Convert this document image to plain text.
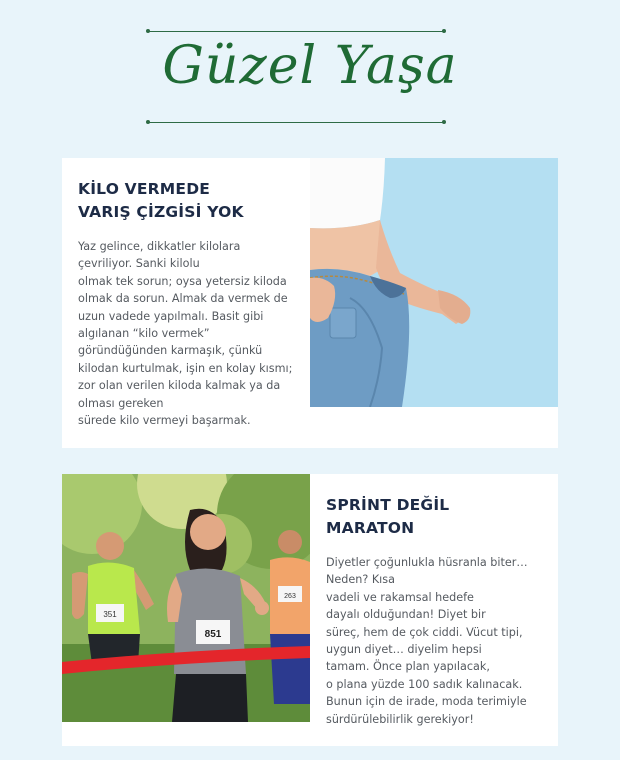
Güzel Yaşa
KİLO VERMEDE
VARIŞ ÇİZGİSİ YOK
Yaz gelince, dikkatler kilolara
çevriliyor. Sanki kilolu
olmak tek sorun; oysa yetersiz kiloda
olmak da sorun. Almak da vermek de
uzun vadede yapılmalı. Basit gibi
algılanan “kilo vermek”
göründüğünden karmaşık, çünkü
kilodan kurtulmak, işin en kolay kısmı;
zor olan verilen kiloda kalmak ya da
olması gereken
sürede kilo vermeyi başarmak.
851
263
351
SPRİNT DEĞİL
MARATON
Diyetler çoğunlukla hüsranla biter…
Neden? Kısa
vadeli ve rakamsal hedefe
dayalı olduğundan! Diyet bir
süreç, hem de çok ciddi. Vücut tipi,
uygun diyet… diyelim hepsi
tamam. Önce plan yapılacak,
o plana yüzde 100 sadık kalınacak.
Bunun için de irade, moda terimiyle
sürdürülebilirlik gerekiyor!
